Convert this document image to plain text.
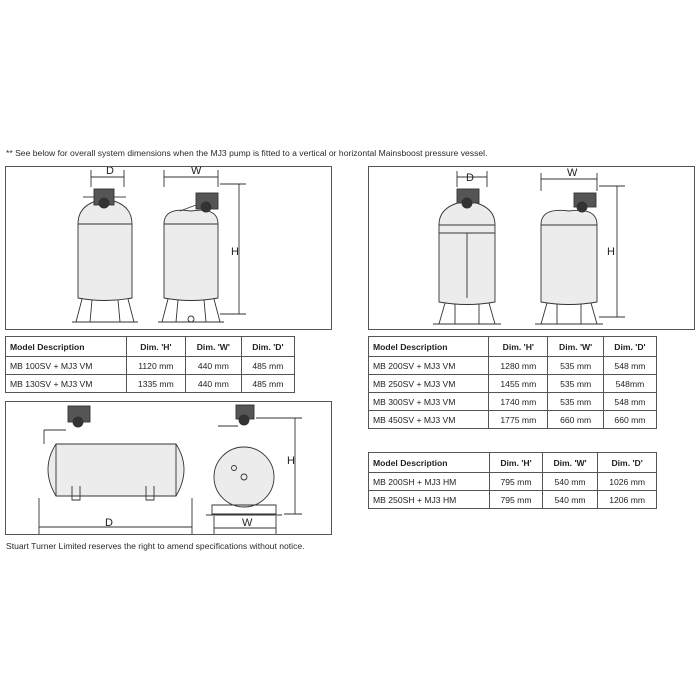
** See below for overall system dimensions when the MJ3 pump is fitted to a vertical or horizontal Mainsboost pressure vessel.
D	W
H
D	W
H
Model Description	Dim. 'H'	Dim. 'W'	Dim. 'D'
MB 100SV + MJ3 VM	1120 mm	440 mm	485 mm
MB 130SV + MJ3 VM	1335 mm	440 mm	485 mm
Model Description	Dim. 'H'	Dim. 'W'	Dim. 'D'
MB 200SV + MJ3 VM	1280 mm	535 mm	548 mm
MB 250SV + MJ3 VM	1455 mm	535 mm	548mm
MB 300SV + MJ3 VM	1740 mm	535 mm	548 mm
MB 450SV + MJ3 VM	1775 mm	660 mm	660 mm
D	W
H	Model Description	Dim. 'H'	Dim. 'W'	Dim. 'D'
MB 200SH + MJ3 HM	795 mm	540 mm	1026 mm
MB 250SH + MJ3 HM	795 mm	540 mm	1206 mm
Stuart Turner Limited reserves the right to amend specifications without notice.
